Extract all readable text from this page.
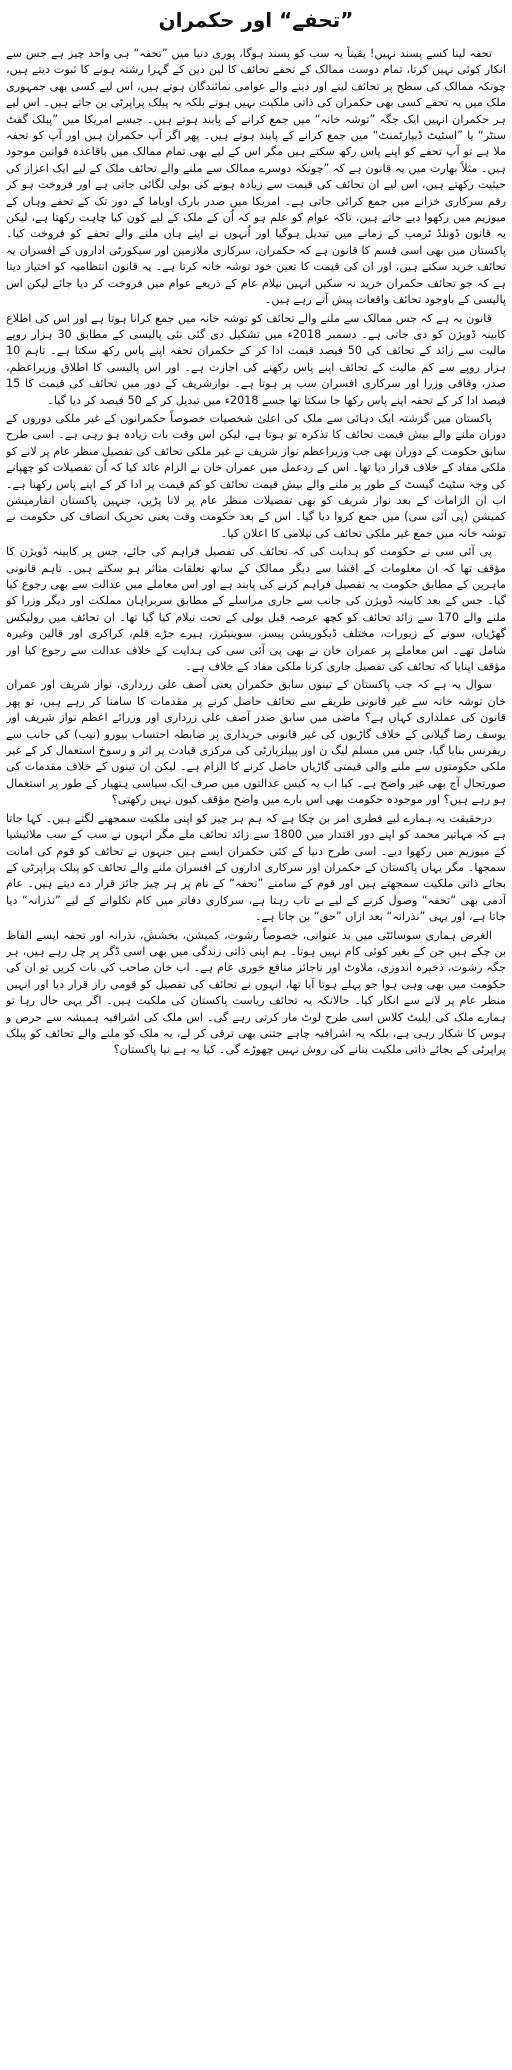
”تحفے“ اور حکمران

تحفہ لینا کسے پسند نہیں! یقیناً یہ سب کو پسند ہوگا، پوری دنیا میں ”تحفہ“ ہی واحد چیز ہے جس سے انکار کوئی نہیں کرتا، تمام دوست ممالک کے تحفے تحائف کا لین دین کے گہرا رشتہ ہونے کا ثبوت دیتے ہیں، چونکہ ممالک کی سطح پر تحائف لینے اور دینے والے عوامی نمائندگان ہوتے ہیں، اس لیے کسی بھی جمہوری ملک میں یہ تحفے کسی بھی حکمران کی ذاتی ملکیت نہیں ہوتے بلکہ یہ پبلک پراپرٹی بن جاتے ہیں۔ اس لیے ہر حکمران انہیں ایک جگہ ”توشہ خانہ“ میں جمع کرانے کے پابند ہوتے ہیں۔ جیسے امریکا میں ”پبلک گفٹ سنٹر“ یا ”اسٹیٹ ڈیپارٹمنٹ“ میں جمع کرانے کے پابند ہوتے ہیں۔ پھر اگر آپ حکمران ہیں اور آپ کو تحفہ ملا ہے تو آپ تحفے کو اپنے پاس رکھ سکتے ہیں مگر اس کے لیے بھی تمام ممالک میں باقاعدہ قوانین موجود ہیں۔ مثلاً بھارت میں یہ قانون ہے کہ ”چونکہ دوسرے ممالک سے ملنے والے تحائف ملک کے لیے ایک اعزاز کی حیثیت رکھتے ہیں، اس لیے ان تحائف کی قیمت سے زیادہ ہونے کی بولی لگائی جاتی ہے اور فروخت ہو کر رقم سرکاری خزانے میں جمع کرائی جاتی ہے۔ امریکا میں صدر بارک اوباما کے دور تک کے تحفے وہاں کے میوزیم میں رکھوا دیے جاتے ہیں، تاکہ عوام کو علم ہو کہ اُن کے ملک کے لیے کون کیا چاہت رکھتا ہے، لیکن یہ قانون ڈونلڈ ٹرمپ کے زمانے میں تبدیل ہوگیا اور اُنہوں نے اپنے ہاں ملنے والے تحفے کو فروخت کیا۔ پاکستان میں بھی اسی قسم کا قانون ہے کہ حکمران، سرکاری ملازمین اور سیکورٹی اداروں کے افسران یہ تحائف خرید سکتے ہیں، اور ان کی قیمت کا تعین خود توشہ خانہ کرتا ہے۔ یہ قانون انتظامیہ کو اختیار دیتا ہے کہ جو تحائف حکمران خرید نہ سکیں انہیں نیلام عام کے ذریعے عوام میں فروخت کر دیا جائے لیکن اس پالیسی کے باوجود تحائف واقعات پیش آتے رہے ہیں۔

قانون یہ ہے کہ جس ممالک سے ملنے والے تحائف کو توشہ خانہ میں جمع کرانا ہوتا ہے اور اس کی اطلاع کابینہ ڈویژن کو دی جاتی ہے۔ دسمبر 2018ء میں تشکیل دی گئی نئی پالیسی کے مطابق 30 ہزار روپے مالیت سے زائد کے تحائف کی 50 فیصد قیمت ادا کر کے حکمران تحفہ اپنے پاس رکھ سکتا ہے۔ تاہم 10 ہزار روپے سے کم مالیت کے تحائف اپنے پاس رکھنے کی اجازت ہے۔ اور اس پالیسی کا اطلاق وزیراعظم، صدر، وفاقی وزرا اور سرکاری افسران سب پر ہوتا ہے۔ نوازشریف کے دور میں تحائف کی قیمت کا 15 فیصد ادا کر کے تحفہ اپنے پاس رکھا جا سکتا تھا جسے 2018ء میں تبدیل کر کے 50 فیصد کر دیا گیا۔

پاکستان میں گزشتہ ایک دہائی سے ملک کی اعلیٰ شخصیات خصوصاً حکمرانوں کے غیر ملکی دوروں کے دوران ملنے والے بیش قیمت تحائف کا تذکرہ تو ہوتا ہے، لیکن اس وقت بات زیادہ ہو رہی ہے۔ اسی طرح سابق حکومت کے دوران بھی جب وزیراعظم نواز شریف نے غیر ملکی تحائف کی تفصیل منظر عام پر لانے کو ملکی مفاد کے خلاف قرار دیا تھا۔ اس کے ردعمل میں عمران خان نے الزام عائد کیا کہ اُن تفصیلات کو چھپانے کی وجہ سٹیٹ گیسٹ کے طور پر ملنے والے بیش قیمت تحائف کو کم قیمت پر ادا کر کے اپنے پاس رکھنا ہے۔ اب ان الزامات کے بعد نواز شریف کو بھی تفصیلات منظر عام پر لانا پڑیں، جنہیں پاکستان انفارمیشن کمیشن (پی آئی سی) میں جمع کروا دیا گیا۔ اس کے بعد حکومت وقت یعنی تحریک انصاف کی حکومت نے توشہ خانہ میں جمع غیر ملکی تحائف کی نیلامی کا اعلان کیا۔

پی آئی سی نے حکومت کو ہدایت کی کہ تحائف کی تفصیل فراہم کی جائے، جس پر کابینہ ڈویژن کا مؤقف تھا کہ ان معلومات کے افشا سے دیگر ممالک کے ساتھ تعلقات متاثر ہو سکتے ہیں۔ تاہم قانونی ماہرین کے مطابق حکومت یہ تفصیل فراہم کرنے کی پابند ہے اور اس معاملے میں عدالت سے بھی رجوع کیا گیا۔ جس کے بعد کابینہ ڈویژن کی جانب سے جاری مراسلے کے مطابق سربراہان مملکت اور دیگر وزرا کو ملنے والے 170 سے زائد تحائف کو کچھ عرصہ قبل بولی کے تحت نیلام کیا گیا تھا۔ ان تحائف میں رولیکس گھڑیاں، سونے کے زیورات، مختلف ڈیکوریشن پیسز، سوینیئرز، ہیرے جڑے قلم، کراکری اور قالین وغیرہ شامل تھے۔ اس معاملے پر عمران خان نے بھی پی آئی سی کی ہدایت کے خلاف عدالت سے رجوع کیا اور مؤقف اپنایا کہ تحائف کی تفصیل جاری کرنا ملکی مفاد کے خلاف ہے۔

سوال یہ ہے کہ جب پاکستان کے تینوں سابق حکمران یعنی آصف علی زرداری، نواز شریف اور عمران خان توشہ خانہ سے غیر قانونی طریقے سے تحائف حاصل کرنے پر مقدمات کا سامنا کر رہے ہیں، تو پھر قانون کی عملداری کہاں ہے؟ ماضی میں سابق صدر آصف علی زرداری اور وزرائے اعظم نواز شریف اور یوسف رضا گیلانی کے خلاف گاڑیوں کی غیر قانونی خریداری پر ضابطہ احتساب بیورو (نیب) کی جانب سے ریفرنس بنایا گیا، جس میں مسلم لیگ ن اور پیپلزپارٹی کی مرکزی قیادت پر اثر و رسوخ استعمال کر کے غیر ملکی حکومتوں سے ملنے والی قیمتی گاڑیاں حاصل کرنے کا الزام ہے۔ لیکن ان تینوں کے خلاف مقدمات کی صورتحال آج بھی غیر واضح ہے۔ کیا اب یہ کیس عدالتوں میں صرف ایک سیاسی ہتھیار کے طور پر استعمال ہو رہے ہیں؟ اور موجودہ حکومت بھی اس بارے میں واضح مؤقف کیوں نہیں رکھتی؟

درحقیقت یہ ہمارے لیے فطری امر بن چکا ہے کہ ہم ہر چیز کو اپنی ملکیت سمجھنے لگتے ہیں۔ کہا جاتا ہے کہ مہاتیر محمد کو اپنے دور اقتدار میں 1800 سے زائد تحائف ملے مگر انہوں نے سب کے سب ملائیشیا کے میوزیم میں رکھوا دیے۔ اسی طرح دنیا کے کئی حکمران ایسے ہیں جنہوں نے تحائف کو قوم کی امانت سمجھا۔ مگر یہاں پاکستان کے حکمران اور سرکاری اداروں کے افسران ملنے والے تحائف کو پبلک پراپرٹی کے بجائے ذاتی ملکیت سمجھتے ہیں اور قوم کے سامنے ”تحفہ“ کے نام پر ہر چیز جائز قرار دے دیتے ہیں۔ عام آدمی بھی ”تحفہ“ وصول کرنے کے لیے بے تاب رہتا ہے، سرکاری دفاتر میں کام نکلوانے کے لیے ”نذرانہ“ دیا جاتا ہے، اور یہی ”نذرانہ“ بعد ازاں ”حق“ بن جاتا ہے۔

الغرض ہماری سوسائٹی میں بد عنوانی، خصوصاً رشوت، کمیشن، بخشش، نذرانہ اور تحفہ ایسے الفاظ بن چکے ہیں جن کے بغیر کوئی کام نہیں ہوتا۔ ہم اپنی ذاتی زندگی میں بھی اسی ڈگر پر چل رہے ہیں، ہر جگہ رشوت، ذخیرہ اندوزی، ملاوٹ اور ناجائز منافع خوری عام ہے۔ اب خان صاحب کی بات کریں تو ان کی حکومت میں بھی وہی ہوا جو پہلے ہوتا آیا تھا، انہوں نے تحائف کی تفصیل کو قومی راز قرار دیا اور انہیں منظر عام پر لانے سے انکار کیا۔ حالانکہ یہ تحائف ریاست پاکستان کی ملکیت ہیں۔ اگر یہی حال رہا تو ہمارے ملک کی ایلیٹ کلاس اسی طرح لوٹ مار کرتی رہے گی۔ اس ملک کی اشرافیہ ہمیشہ سے حرص و ہوس کا شکار رہی ہے، بلکہ یہ اشرافیہ چاہے جتنی بھی ترقی کر لے، یہ ملک کو ملنے والے تحائف کو پبلک پراپرٹی کے بجائے ذاتی ملکیت بنانے کی روش نہیں چھوڑے گی۔ کیا یہ ہے نیا پاکستان؟
